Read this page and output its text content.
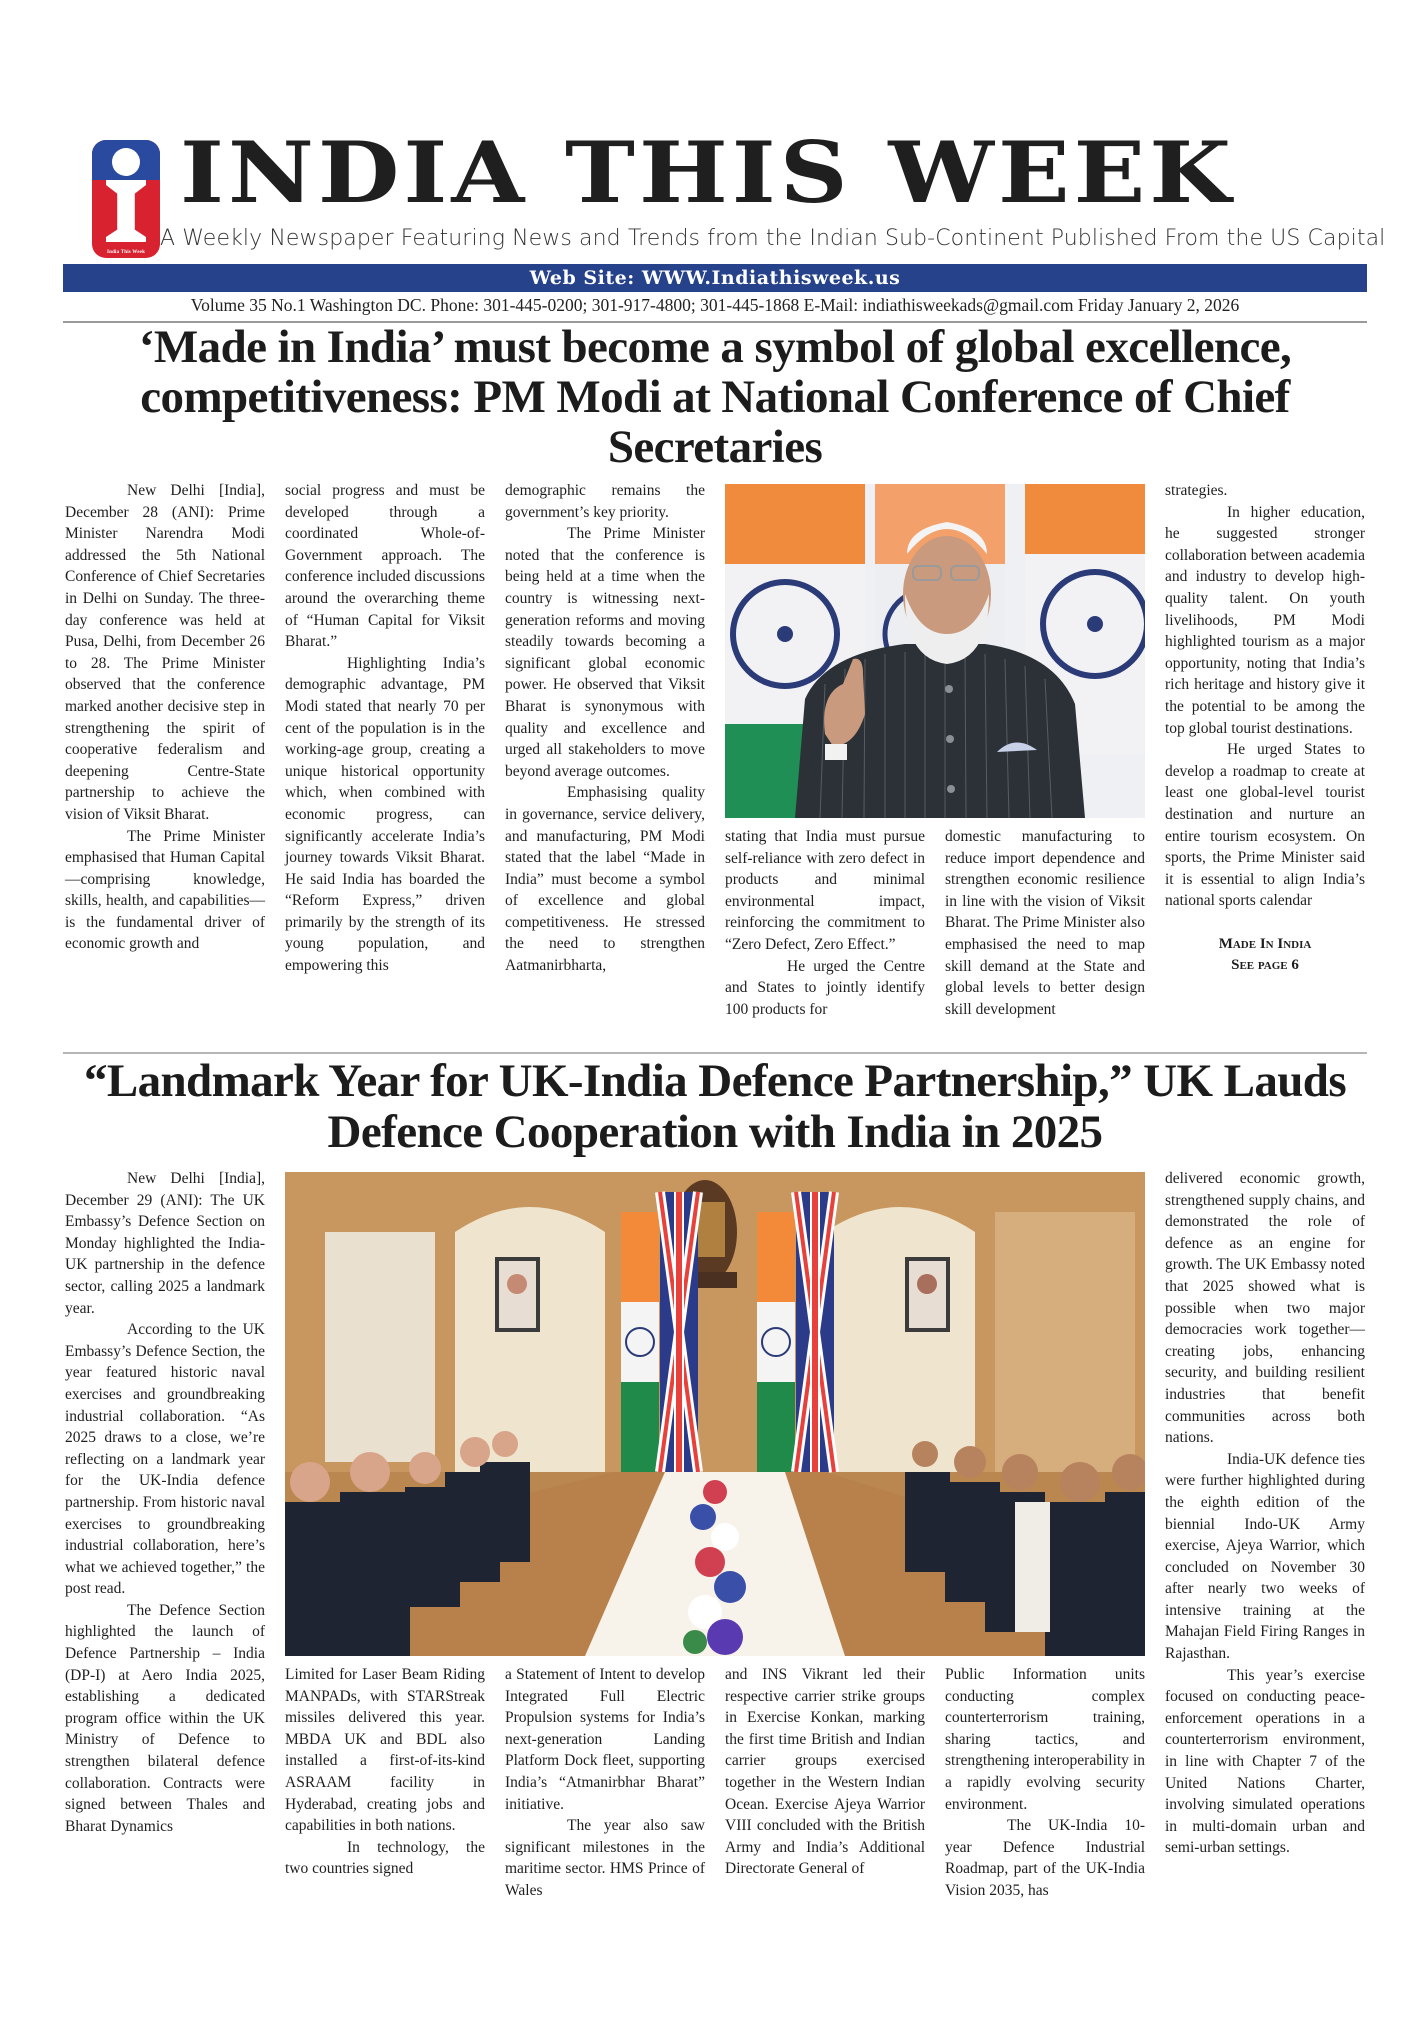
India This Week
INDIA THIS WEEK
A Weekly Newspaper Featuring News and Trends from the Indian Sub-Continent Published From the US Capital
Web Site: WWW.Indiathisweek.us
Volume 35 No.1 Washington DC. Phone: 301-445-0200; 301-917-4800; 301-445-1868 E-Mail: indiathisweekads@gmail.com Friday January 2, 2026
‘Made in India’ must become a symbol of global excellence, competitiveness: PM Modi at National Conference of Chief Secretaries

New Delhi [India], December 28 (ANI): Prime Minister Narendra Modi addressed the 5th National Conference of Chief Secretaries in Delhi on Sunday. The three-day conference was held at Pusa, Delhi, from December 26 to 28. The Prime Minister observed that the conference marked another decisive step in strengthening the spirit of cooperative federalism and deepening Centre-State partnership to achieve the vision of Viksit Bharat.

The Prime Minister emphasised that Human Capital—comprising knowledge, skills, health, and capabilities—is the fundamental driver of economic growth and

social progress and must be developed through a coordinated Whole-of-Government approach. The conference included discussions around the overarching theme of “Human Capital for Viksit Bharat.”

Highlighting India’s demographic advantage, PM Modi stated that nearly 70 per cent of the population is in the working-age group, creating a unique historical opportunity which, when combined with economic progress, can significantly accelerate India’s journey towards Viksit Bharat. He said India has boarded the “Reform Express,” driven primarily by the strength of its young population, and empowering this

demographic remains the government’s key priority.

The Prime Minister noted that the conference is being held at a time when the country is witnessing next-generation reforms and moving steadily towards becoming a significant global economic power. He observed that Viksit Bharat is synonymous with quality and excellence and urged all stakeholders to move beyond average outcomes.

Emphasising quality in governance, service delivery, and manufacturing, PM Modi stated that the label “Made in India” must become a symbol of excellence and global competitiveness. He stressed the need to strengthen Aatmanirbharta,

stating that India must pursue self-reliance with zero defect in products and minimal environmental impact, reinforcing the commitment to “Zero Defect, Zero Effect.”

He urged the Centre and States to jointly identify 100 products for

domestic manufacturing to reduce import dependence and strengthen economic resilience in line with the vision of Viksit Bharat. The Prime Minister also emphasised the need to map skill demand at the State and global levels to better design skill development

strategies.

In higher education, he suggested stronger collaboration between academia and industry to develop high-quality talent. On youth livelihoods, PM Modi highlighted tourism as a major opportunity, noting that India’s rich heritage and history give it the potential to be among the top global tourist destinations.

He urged States to develop a roadmap to create at least one global-level tourist destination and nurture an entire tourism ecosystem. On sports, the Prime Minister said it is essential to align India’s national sports calendar

Made In India
See page 6
“Landmark Year for UK-India Defence Partnership,” UK Lauds Defence Cooperation with India in 2025

New Delhi [India], December 29 (ANI): The UK Embassy’s Defence Section on Monday highlighted the India-UK partnership in the defence sector, calling 2025 a landmark year.

According to the UK Embassy’s Defence Section, the year featured historic naval exercises and groundbreaking industrial collaboration. “As 2025 draws to a close, we’re reflecting on a landmark year for the UK-India defence partnership. From historic naval exercises to groundbreaking industrial collaboration, here’s what we achieved together,” the post read.

The Defence Section highlighted the launch of Defence Partnership – India (DP-I) at Aero India 2025, establishing a dedicated program office within the UK Ministry of Defence to strengthen bilateral defence collaboration. Contracts were signed between Thales and Bharat Dynamics

Limited for Laser Beam Riding MANPADs, with STARStreak missiles delivered this year. MBDA UK and BDL also installed a first-of-its-kind ASRAAM facility in Hyderabad, creating jobs and capabilities in both nations.

In technology, the two countries signed

a Statement of Intent to develop Integrated Full Electric Propulsion systems for India’s next-generation Landing Platform Dock fleet, supporting India’s “Atmanirbhar Bharat” initiative.

The year also saw significant milestones in the maritime sector. HMS Prince of Wales

and INS Vikrant led their respective carrier strike groups in Exercise Konkan, marking the first time British and Indian carrier groups exercised together in the Western Indian Ocean. Exercise Ajeya Warrior VIII concluded with the British Army and India’s Additional Directorate General of

Public Information units conducting complex counterterrorism training, sharing tactics, and strengthening interoperability in a rapidly evolving security environment.

The UK-India 10-year Defence Industrial Roadmap, part of the UK-India Vision 2035, has

delivered economic growth, strengthened supply chains, and demonstrated the role of defence as an engine for growth. The UK Embassy noted that 2025 showed what is possible when two major democracies work together—creating jobs, enhancing security, and building resilient industries that benefit communities across both nations.

India-UK defence ties were further highlighted during the eighth edition of the biennial Indo-UK Army exercise, Ajeya Warrior, which concluded on November 30 after nearly two weeks of intensive training at the Mahajan Field Firing Ranges in Rajasthan.

This year’s exercise focused on conducting peace-enforcement operations in a counterterrorism environment, in line with Chapter 7 of the United Nations Charter, involving simulated operations in multi-domain urban and semi-urban settings.
